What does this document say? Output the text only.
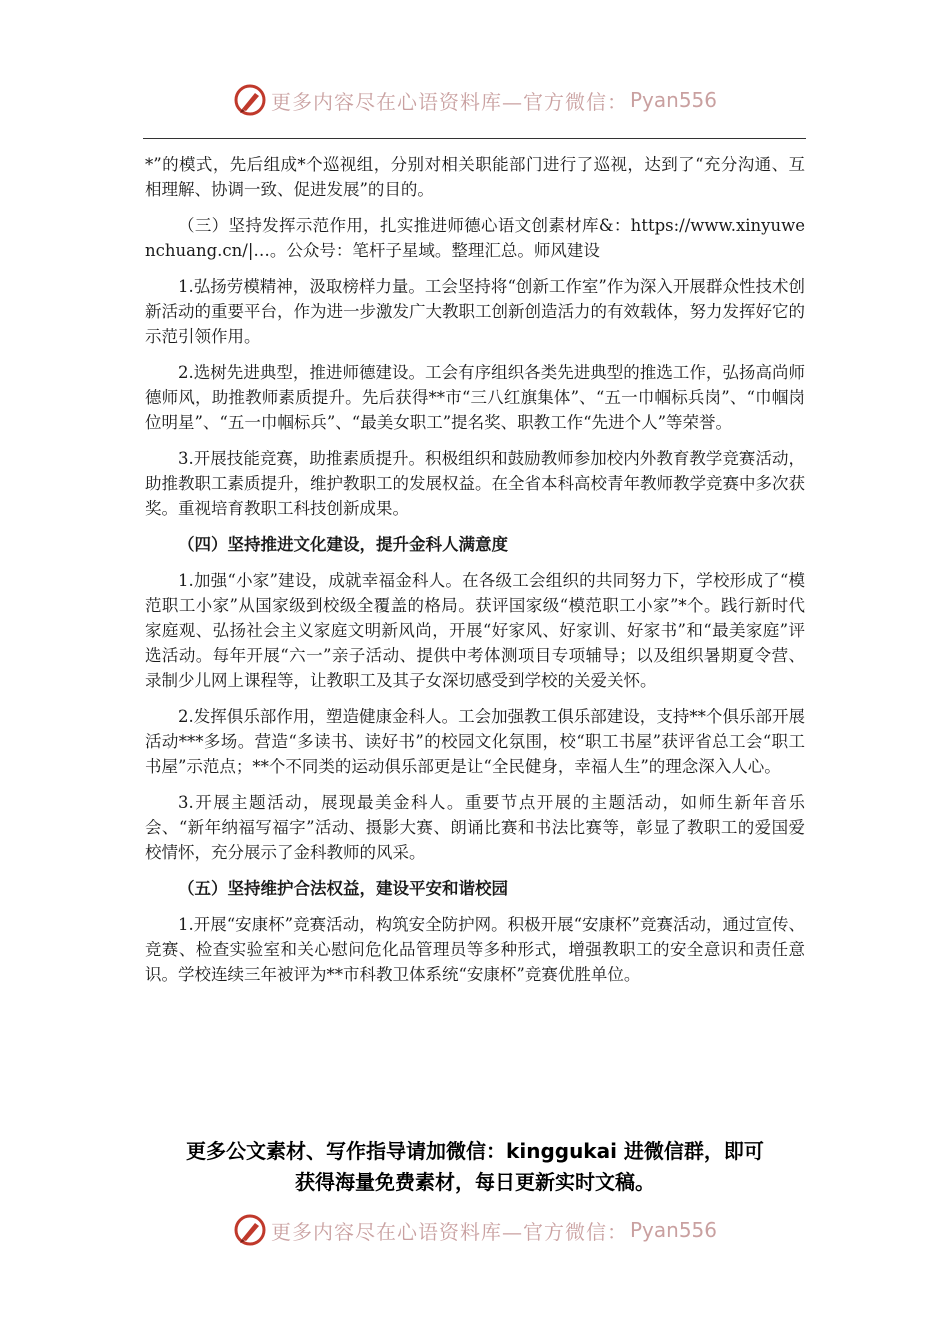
更多内容尽在心语资料库—官方微信： Pyan556

*”的模式，先后组成*个巡视组，分别对相关职能部门进行了巡视，达到了“充分沟通、互相理解、协调一致、促进发展”的目的。

（三）坚持发挥示范作用，扎实推进师德心语文创素材库&：https://www.xinyuwenchuang.cn/|…。公众号：笔杆子星域。整理汇总。师风建设

1.弘扬劳模精神，汲取榜样力量。工会坚持将“创新工作室”作为深入开展群众性技术创新活动的重要平台，作为进一步激发广大教职工创新创造活力的有效载体，努力发挥好它的示范引领作用。

2.选树先进典型，推进师德建设。工会有序组织各类先进典型的推选工作，弘扬高尚师德师风，助推教师素质提升。先后获得**市“三八红旗集体”、“五一巾帼标兵岗”、“巾帼岗位明星”、“五一巾帼标兵”、“最美女职工”提名奖、职教工作“先进个人”等荣誉。

3.开展技能竞赛，助推素质提升。积极组织和鼓励教师参加校内外教育教学竞赛活动，助推教职工素质提升，维护教职工的发展权益。在全省本科高校青年教师教学竞赛中多次获奖。重视培育教职工科技创新成果。

（四）坚持推进文化建设，提升金科人满意度

1.加强“小家”建设，成就幸福金科人。在各级工会组织的共同努力下，学校形成了“模范职工小家”从国家级到校级全覆盖的格局。获评国家级“模范职工小家”*个。践行新时代家庭观、弘扬社会主义家庭文明新风尚，开展“好家风、好家训、好家书”和“最美家庭”评选活动。每年开展“六一”亲子活动、提供中考体测项目专项辅导；以及组织暑期夏令营、录制少儿网上课程等，让教职工及其子女深切感受到学校的关爱关怀。

2.发挥俱乐部作用，塑造健康金科人。工会加强教工俱乐部建设，支持**个俱乐部开展活动***多场。营造“多读书、读好书”的校园文化氛围，校“职工书屋”获评省总工会“职工书屋”示范点；**个不同类的运动俱乐部更是让“全民健身，幸福人生”的理念深入人心。

3.开展主题活动，展现最美金科人。重要节点开展的主题活动，如师生新年音乐会、“新年纳福写福字”活动、摄影大赛、朗诵比赛和书法比赛等，彰显了教职工的爱国爱校情怀，充分展示了金科教师的风采。

（五）坚持维护合法权益，建设平安和谐校园

1.开展“安康杯”竞赛活动，构筑安全防护网。积极开展“安康杯”竞赛活动，通过宣传、竞赛、检查实验室和关心慰问危化品管理员等多种形式，增强教职工的安全意识和责任意识。学校连续三年被评为**市科教卫体系统“安康杯”竞赛优胜单位。

更多公文素材、写作指导请加微信：kinggukai 进微信群，即可
获得海量免费素材，每日更新实时文稿。
更多内容尽在心语资料库—官方微信： Pyan556
